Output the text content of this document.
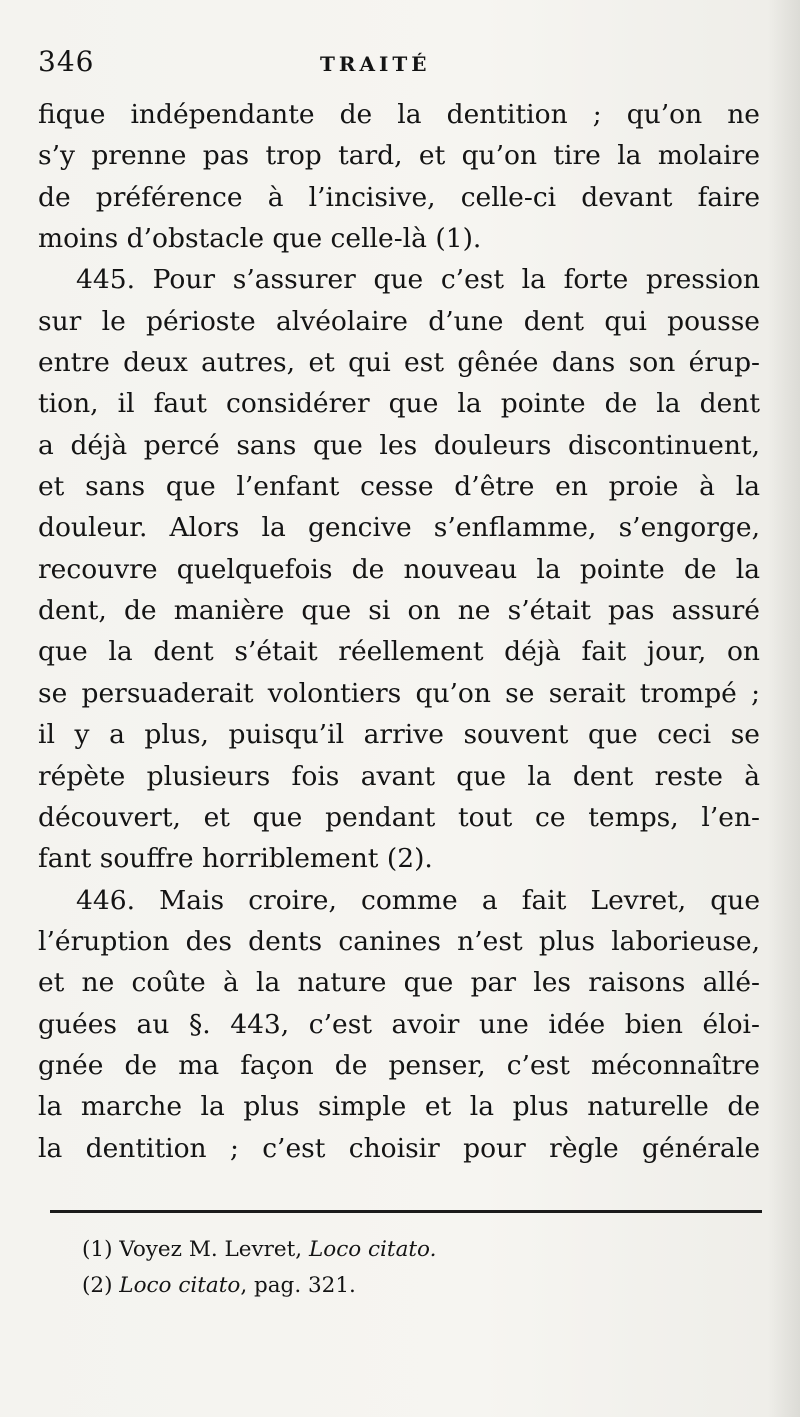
346	TRAITÉ
fique indépendante de la dentition ; qu’on ne
s’y prenne pas trop tard, et qu’on tire la molaire
de préférence à l’incisive, celle-ci devant faire
moins d’obstacle que celle-là (1).
445. Pour s’assurer que c’est la forte pression
sur le périoste alvéolaire d’une dent qui pousse
entre deux autres, et qui est gênée dans son érup-
tion, il faut considérer que la pointe de la dent
a déjà percé sans que les douleurs discontinuent,
et sans que l’enfant cesse d’être en proie à la
douleur. Alors la gencive s’enflamme, s’engorge,
recouvre quelquefois de nouveau la pointe de la
dent, de manière que si on ne s’était pas assuré
que la dent s’était réellement déjà fait jour, on
se persuaderait volontiers qu’on se serait trompé ;
il y a plus, puisqu’il arrive souvent que ceci se
répète plusieurs fois avant que la dent reste à
découvert, et que pendant tout ce temps, l’en-
fant souffre horriblement (2).
446. Mais croire, comme a fait Levret, que
l’éruption des dents canines n’est plus laborieuse,
et ne coûte à la nature que par les raisons allé-
guées au §. 443, c’est avoir une idée bien éloi-
gnée de ma façon de penser, c’est méconnaître
la marche la plus simple et la plus naturelle de
la dentition ; c’est choisir pour règle générale
(1) Voyez M. Levret, Loco citato.
(2) Loco citato, pag. 321.
